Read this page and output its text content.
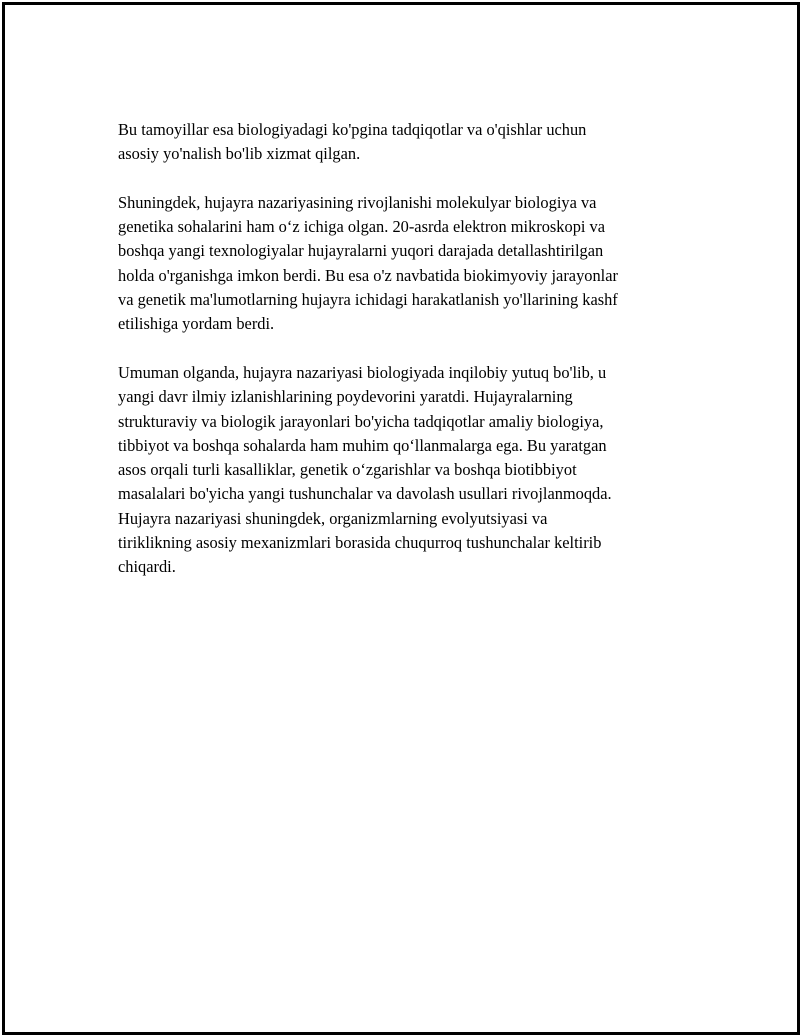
Bu tamoyillar esa biologiyadagi ko'pgina tadqiqotlar va o'qishlar uchun
asosiy yo'nalish bo'lib xizmat qilgan.

Shuningdek, hujayra nazariyasining rivojlanishi molekulyar biologiya va
genetika sohalarini ham o‘z ichiga olgan. 20-asrda elektron mikroskopi va
boshqa yangi texnologiyalar hujayralarni yuqori darajada detallashtirilgan
holda o'rganishga imkon berdi. Bu esa o'z navbatida biokimyoviy jarayonlar
va genetik ma'lumotlarning hujayra ichidagi harakatlanish yo'llarining kashf
etilishiga yordam berdi.

Umuman olganda, hujayra nazariyasi biologiyada inqilobiy yutuq bo'lib, u
yangi davr ilmiy izlanishlarining poydevorini yaratdi. Hujayralarning
strukturaviy va biologik jarayonlari bo'yicha tadqiqotlar amaliy biologiya,
tibbiyot va boshqa sohalarda ham muhim qo‘llanmalarga ega. Bu yaratgan
asos orqali turli kasalliklar, genetik o‘zgarishlar va boshqa biotibbiyot
masalalari bo'yicha yangi tushunchalar va davolash usullari rivojlanmoqda.
Hujayra nazariyasi shuningdek, organizmlarning evolyutsiyasi va
tiriklikning asosiy mexanizmlari borasida chuqurroq tushunchalar keltirib
chiqardi.
